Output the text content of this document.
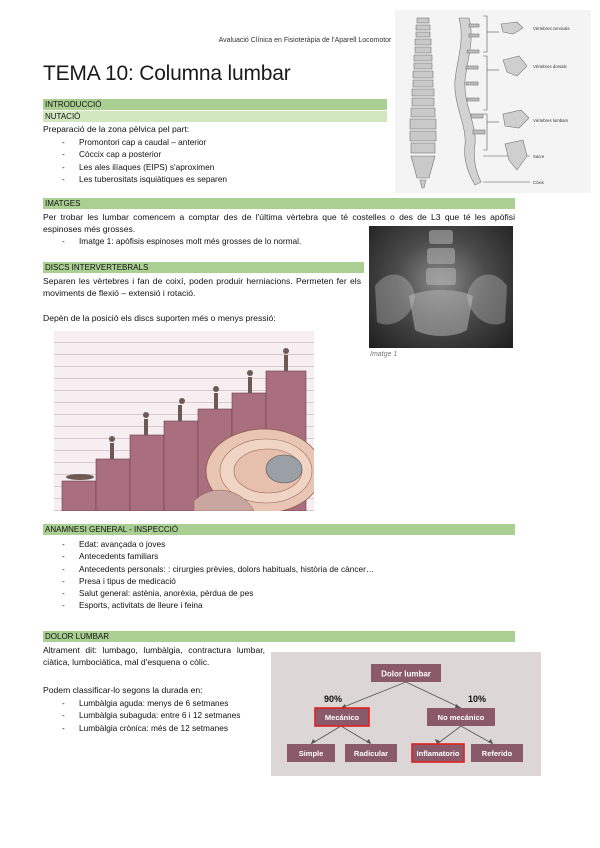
Avaluació Clínica en Fisioteràpia de l'Aparell Locomotor
TEMA 10: Columna lumbar
Vèrtebres cervicals
Vèrtebres dorsals
Vèrtebres lumbars
Sacre
Còxis
INTRODUCCIÓ
NUTACIÓ
Preparació de la zona pèlvica pel part:
- Promontori cap a caudal – anterior
- Còccix cap a posterior
- Les ales ilíaques (EIPS) s'aproximen
- Les tuberositats isquiàtiques es separen
IMATGES
Per trobar les lumbar comencem a comptar des de l'última vèrtebra que té costelles o des de L3 que té les apòfisi espinoses més grosses.
- Imatge 1: apòfisis espinoses molt més grosses de lo normal.
Imatge 1
DISCS INTERVERTEBRALS
Separen les vèrtebres i fan de coixí, poden produir herniacions. Permeten fer els moviments de flexió – extensió i rotació.
Depèn de la posició els discs suporten més o menys pressió:
ANAMNESI GENERAL - INSPECCIÓ
- Edat: avançada o joves
- Antecedents familiars
- Antecedents personals: : cirurgies prèvies, dolors habituals, història de càncer…
- Presa i tipus de medicació
- Salut general: astènia, anorèxia, pèrdua de pes
- Esports, activitats de lleure i feina
DOLOR LUMBAR
Altrament dit: lumbago, lumbàlgia, contractura lumbar, ciàtica, lumbociàtica, mal d'esquena o còlic.
Podem classificar-lo segons la durada en:
- Lumbàlgia aguda: menys de 6 setmanes
- Lumbàlgia subaguda: entre 6 i 12 setmanes
- Lumbàlgia crònica: més de 12 setmanes
Dolor lumbar
90%	10%
Mecánico	No mecánico
Simple	Radicular	Inflamatorio	Referido
